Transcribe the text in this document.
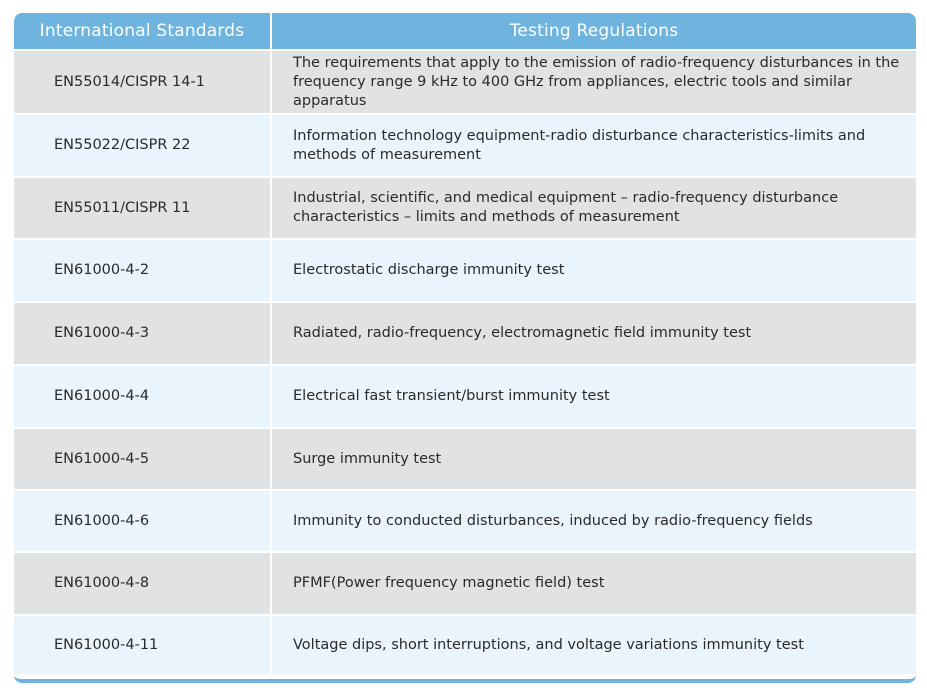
International Standards	Testing Regulations
EN55014/CISPR 14-1	The requirements that apply to the emission of radio-frequency disturbances in the frequency range 9 kHz to 400 GHz from appliances, electric tools and similar apparatus
EN55022/CISPR 22	Information technology equipment-radio disturbance characteristics-limits and methods of measurement
EN55011/CISPR 11	Industrial, scientific, and medical equipment – radio-frequency disturbance characteristics – limits and methods of measurement
EN61000-4-2	Electrostatic discharge immunity test
EN61000-4-3	Radiated, radio-frequency, electromagnetic field immunity test
EN61000-4-4	Electrical fast transient/burst immunity test
EN61000-4-5	Surge immunity test
EN61000-4-6	Immunity to conducted disturbances, induced by radio-frequency fields
EN61000-4-8	PFMF(Power frequency magnetic field) test
EN61000-4-11	Voltage dips, short interruptions, and voltage variations immunity test
